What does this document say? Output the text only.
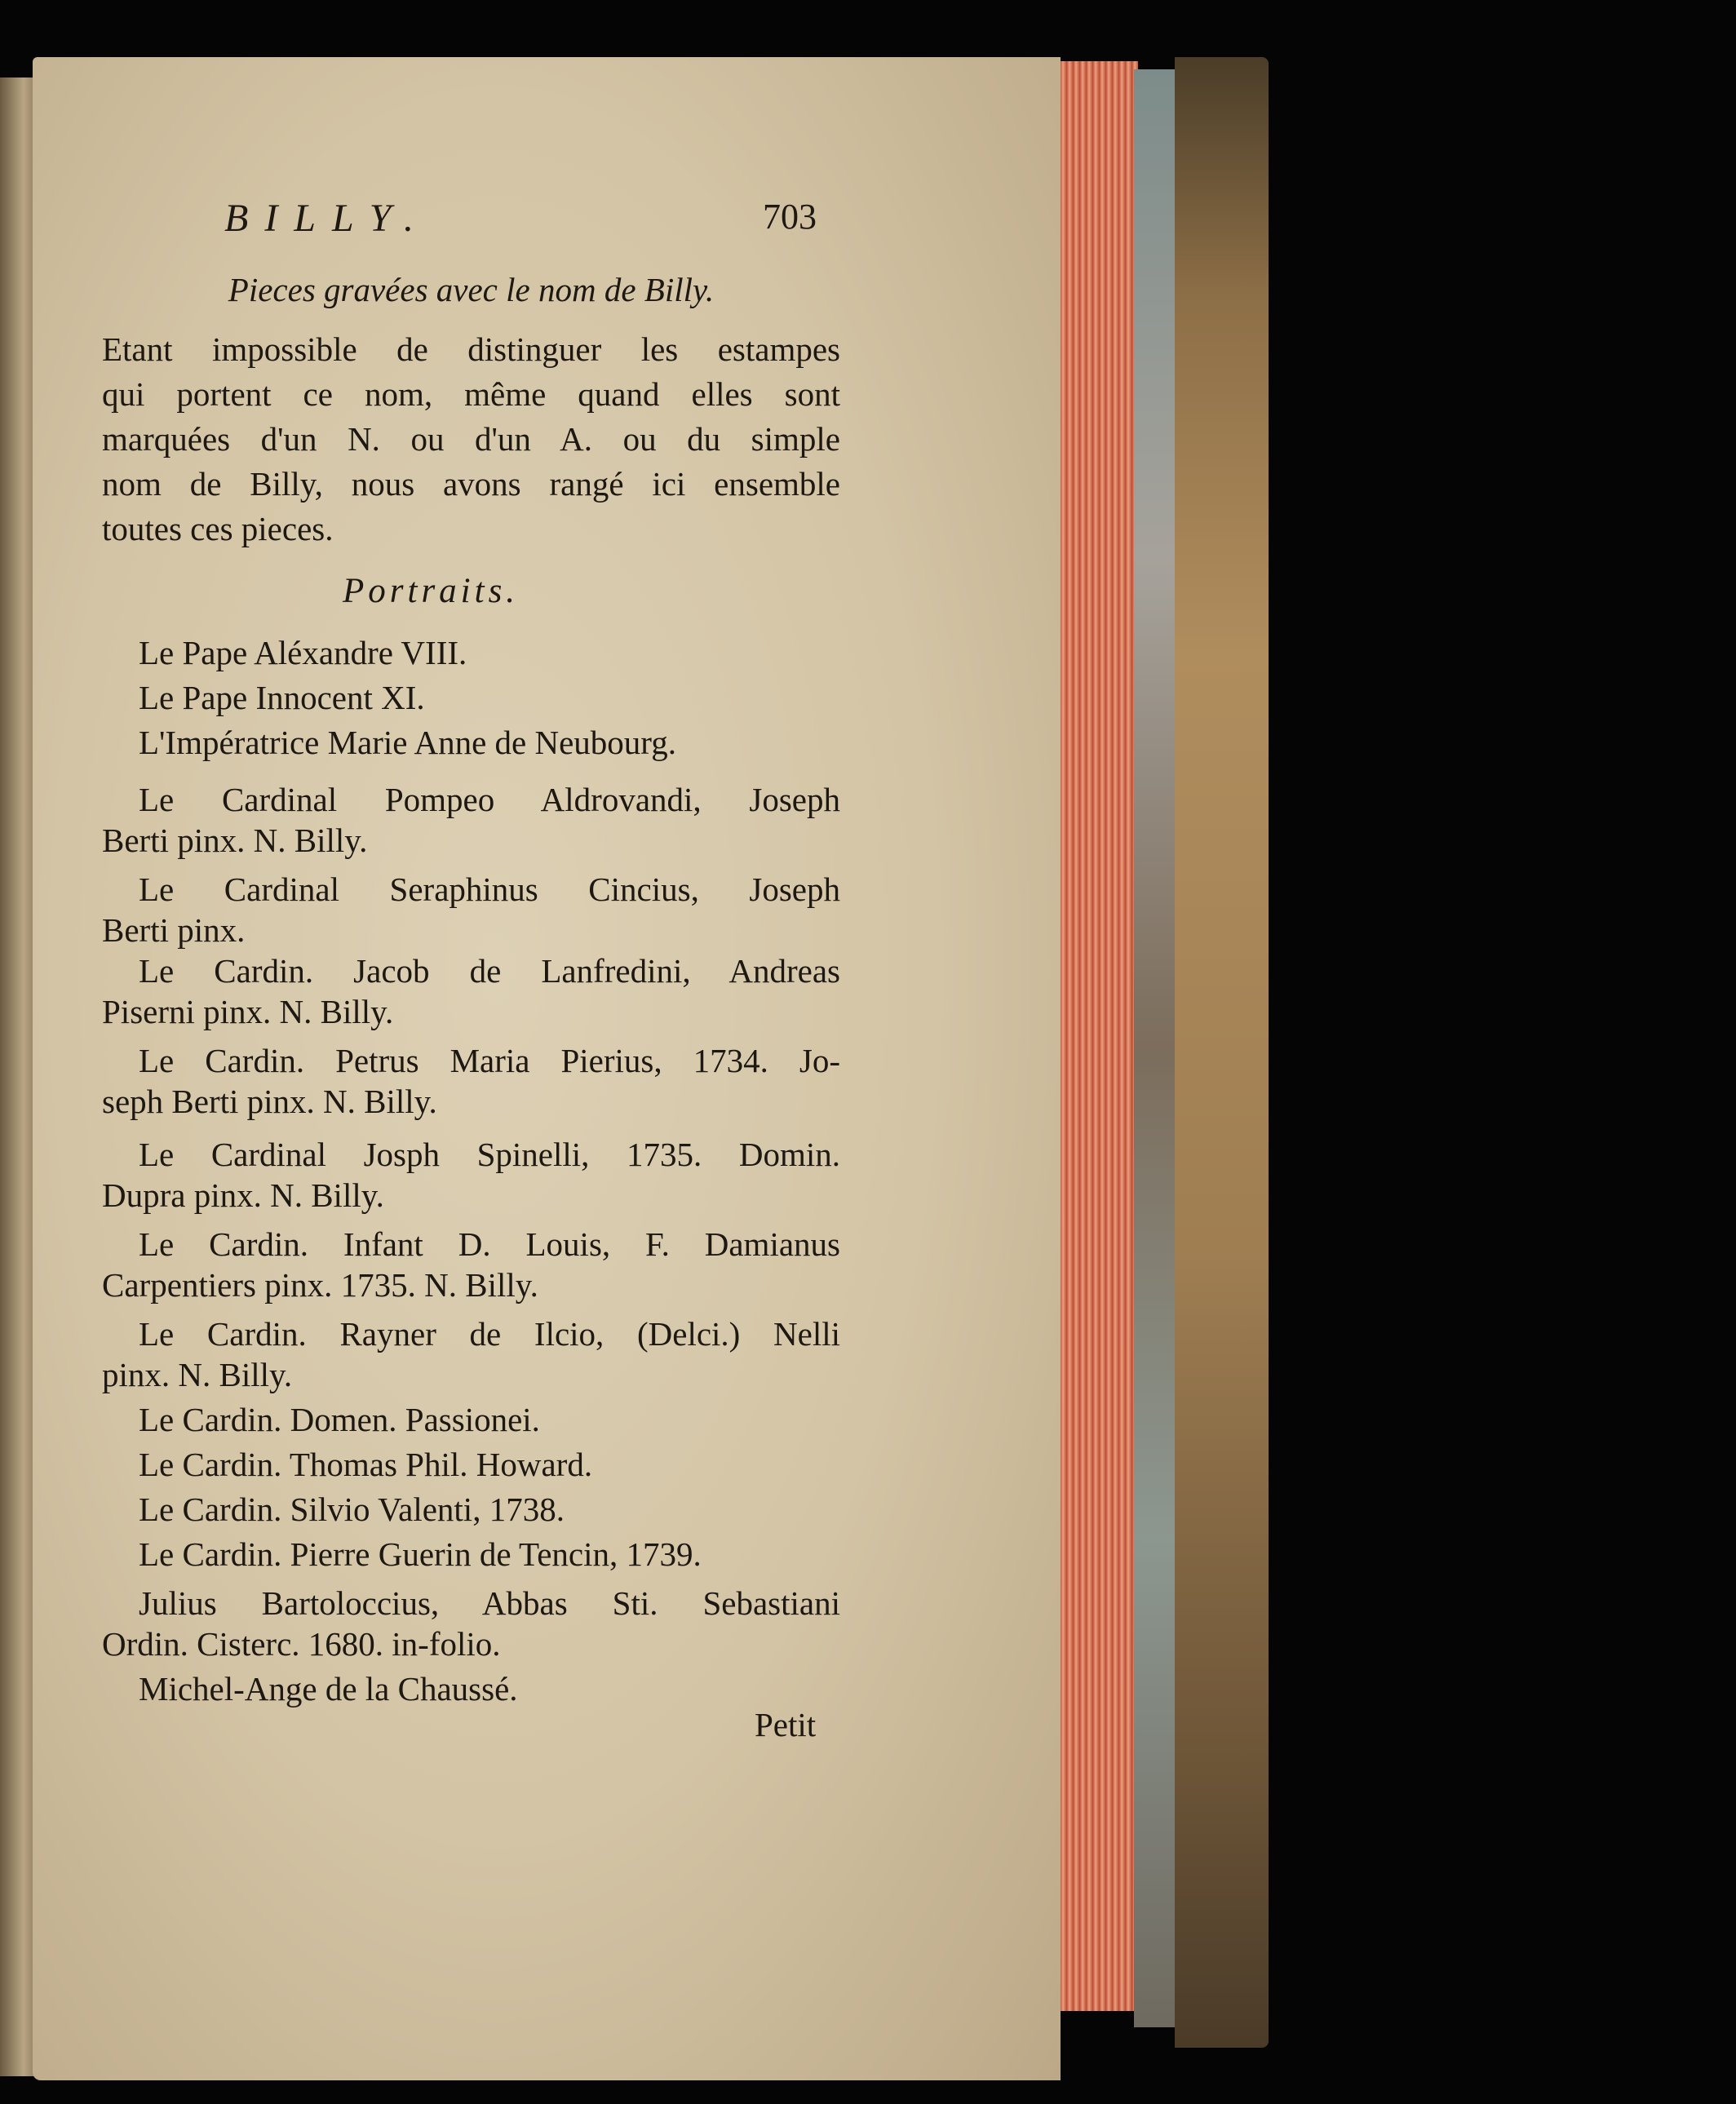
BILLY.	703
Pieces gravées avec le nom de Billy.
Etant impossible de distinguer les estampes
qui portent ce nom, même quand elles sont
marquées d'un N. ou d'un A. ou du simple
nom de Billy, nous avons rangé ici ensemble
toutes ces pieces.
Portraits.
Le Pape Aléxandre VIII.
Le Pape Innocent XI.
L'Impératrice Marie Anne de Neubourg.
Le Cardinal Pompeo Aldrovandi, Joseph
Berti pinx. N. Billy.
Le Cardinal Seraphinus Cincius, Joseph
Berti pinx.
Le Cardin. Jacob de Lanfredini, Andreas
Piserni pinx. N. Billy.
Le Cardin. Petrus Maria Pierius, 1734. Jo-
seph Berti pinx. N. Billy.
Le Cardinal Josph Spinelli, 1735. Domin.
Dupra pinx. N. Billy.
Le Cardin. Infant D. Louis, F. Damianus
Carpentiers pinx. 1735. N. Billy.
Le Cardin. Rayner de Ilcio, (Delci.) Nelli
pinx. N. Billy.
Le Cardin. Domen. Passionei.
Le Cardin. Thomas Phil. Howard.
Le Cardin. Silvio Valenti, 1738.
Le Cardin. Pierre Guerin de Tencin, 1739.
Julius Bartoloccius, Abbas Sti. Sebastiani
Ordin. Cisterc. 1680. in-folio.
Michel-Ange de la Chaussé.
Petit
